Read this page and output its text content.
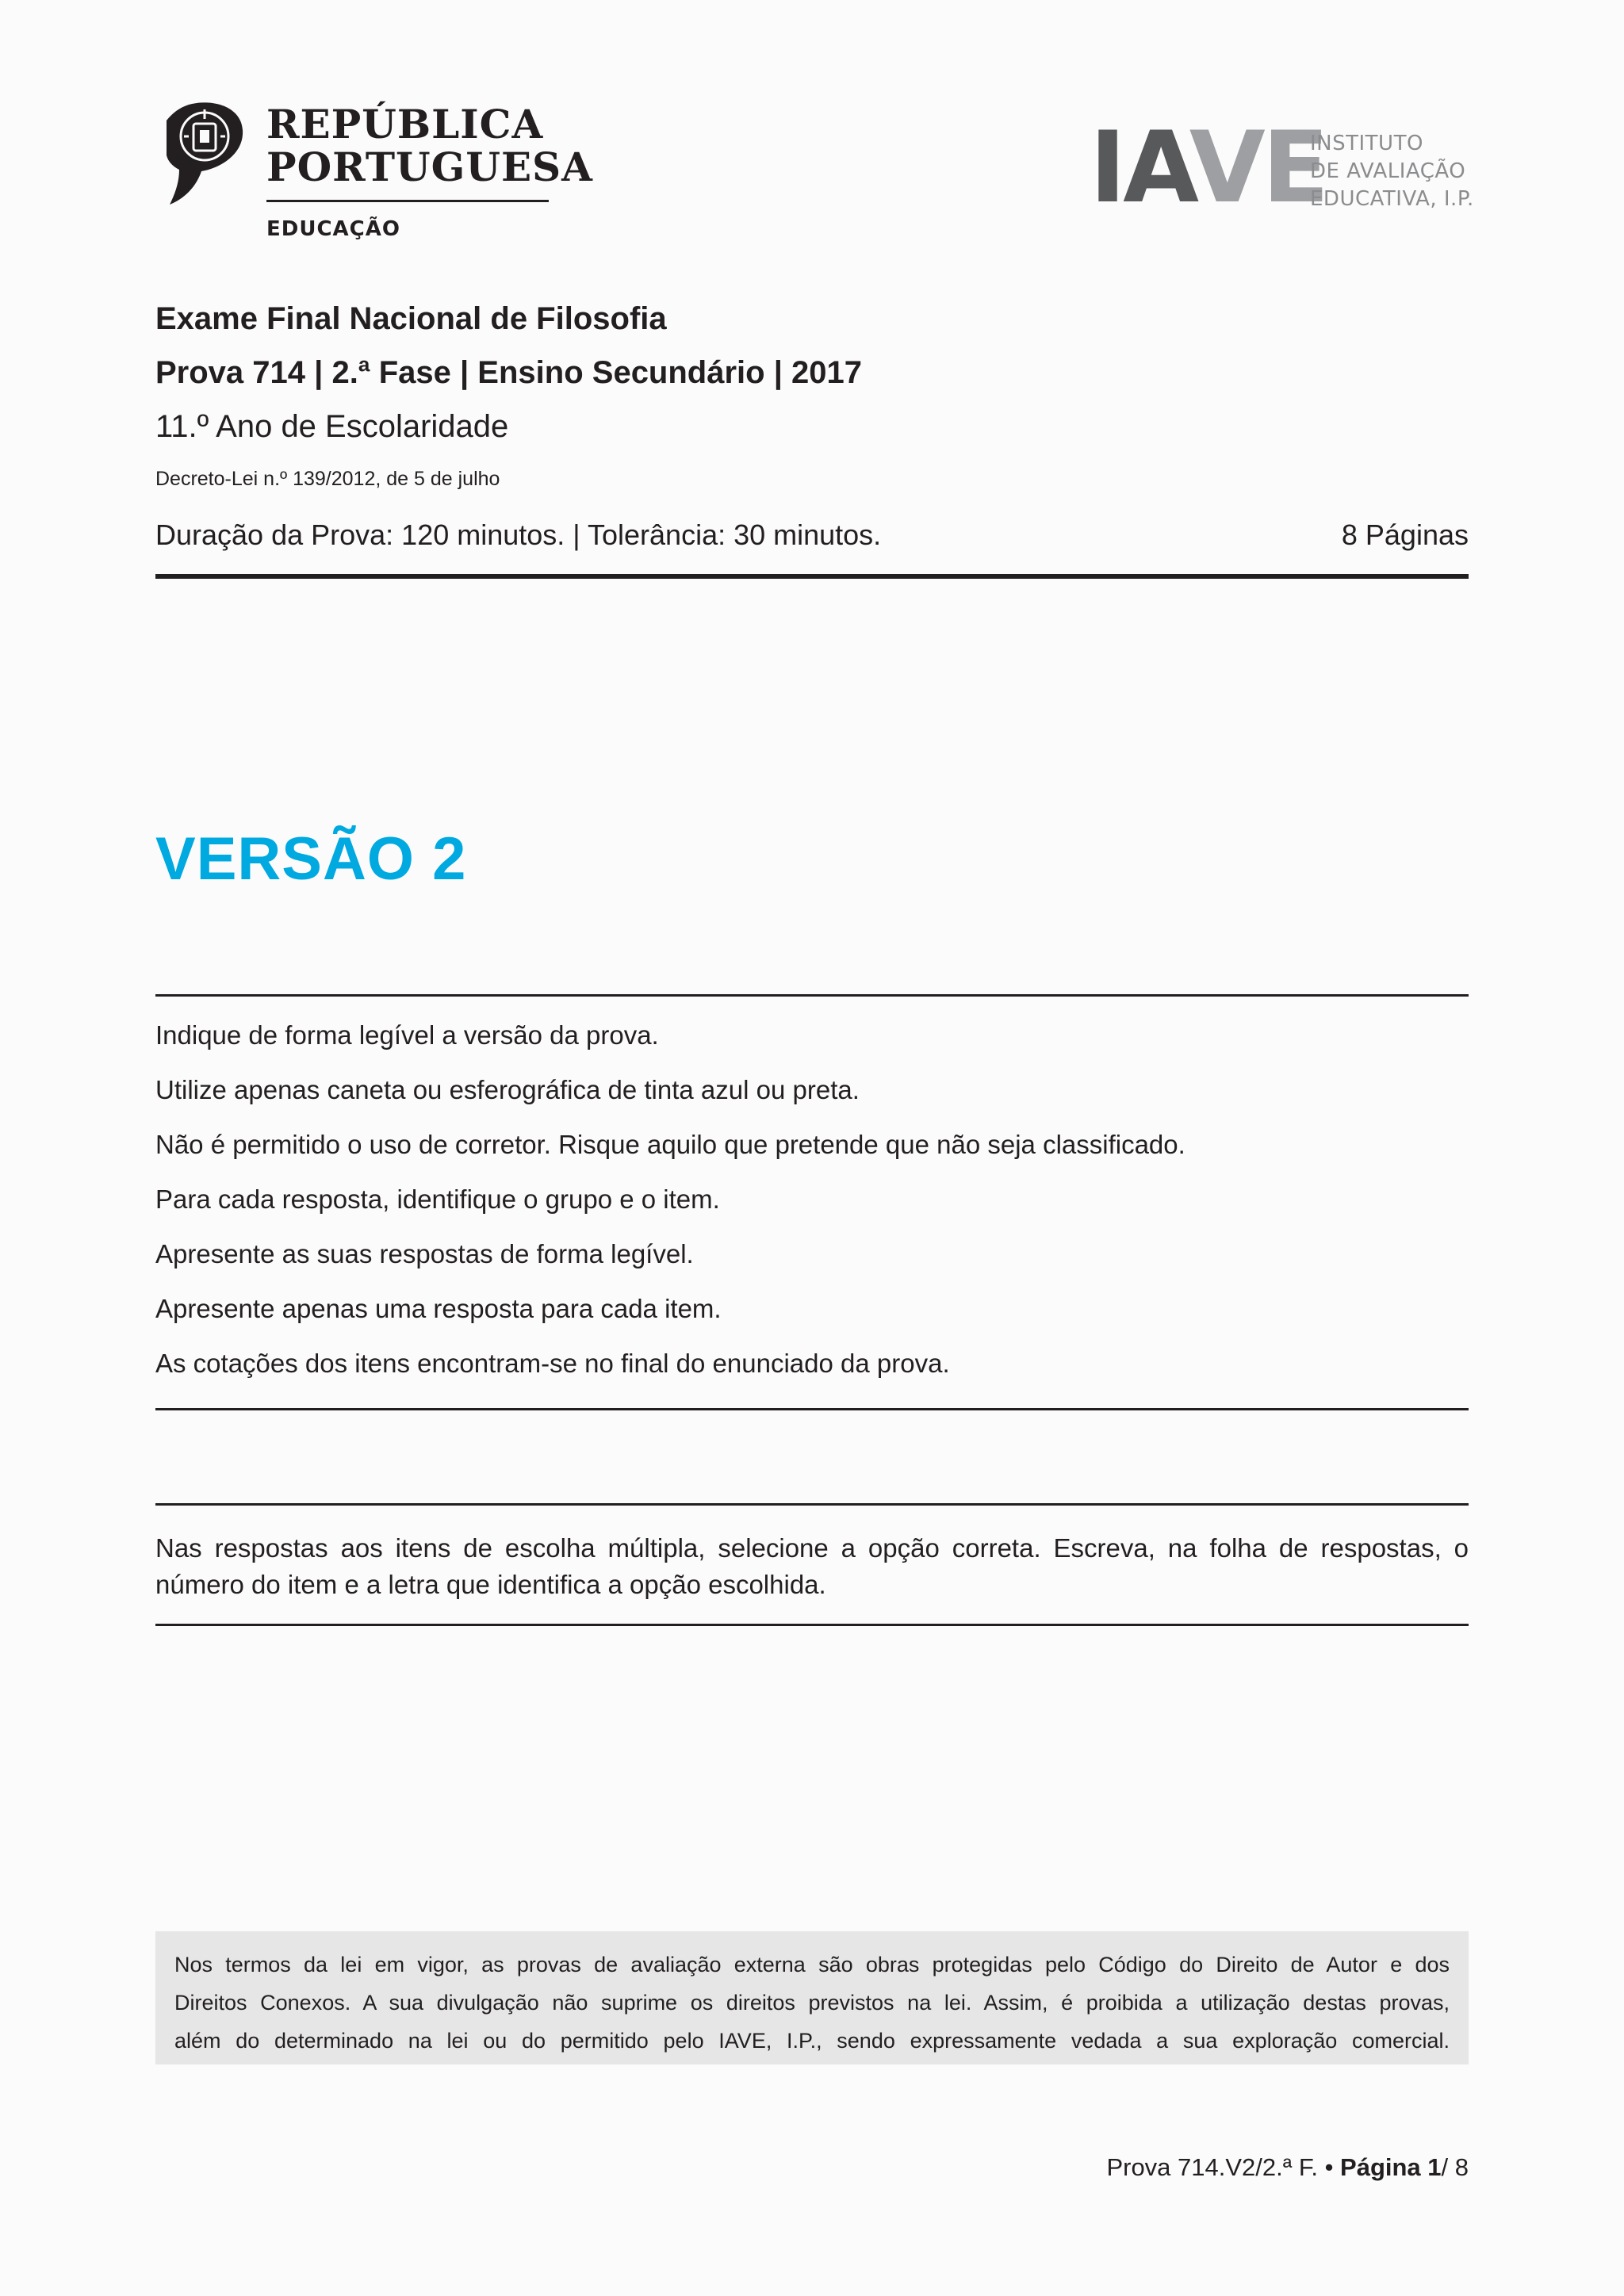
REPÚBLICA
PORTUGUESA
EDUCAÇÃO
IAVE
INSTITUTO
DE AVALIAÇÃO
EDUCATIVA, I.P.
Exame Final Nacional de Filosofia
Prova 714 | 2.ª Fase | Ensino Secundário | 2017
11.º Ano de Escolaridade
Decreto-Lei n.º 139/2012, de 5 de julho
Duração da Prova: 120 minutos. | Tolerância: 30 minutos.	8 Páginas
VERSÃO 2
Indique de forma legível a versão da prova.
Utilize apenas caneta ou esferográfica de tinta azul ou preta.
Não é permitido o uso de corretor. Risque aquilo que pretende que não seja classificado.
Para cada resposta, identifique o grupo e o item.
Apresente as suas respostas de forma legível.
Apresente apenas uma resposta para cada item.
As cotações dos itens encontram-se no final do enunciado da prova.
Nas respostas aos itens de escolha múltipla, selecione a opção correta. Escreva, na folha de respostas, o número do item e a letra que identifica a opção escolhida.

Nos termos da lei em vigor, as provas de avaliação externa são obras protegidas pelo Código do Direito de Autor e dos

Direitos Conexos. A sua divulgação não suprime os direitos previstos na lei. Assim, é proibida a utilização destas provas,

além do determinado na lei ou do permitido pelo IAVE, I.P., sendo expressamente vedada a sua exploração comercial.

Prova 714.V2/2.ª F. • Página 1/ 8
